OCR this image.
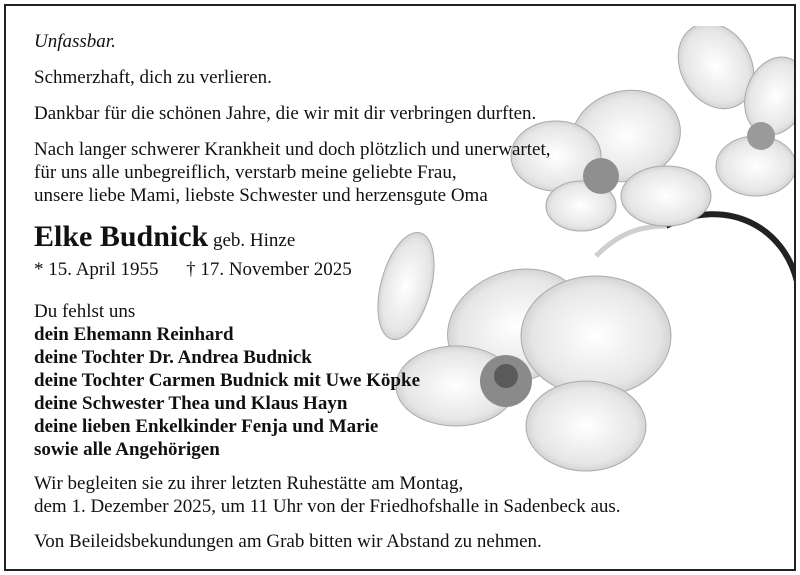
Unfassbar.
Schmerzhaft, dich zu verlieren.
Dankbar für die schönen Jahre, die wir mit dir verbringen durften.
Nach langer schwerer Krankheit und doch plötzlich und unerwartet,
für uns alle unbegreiflich, verstarb meine geliebte Frau,
unsere liebe Mami, liebste Schwester und herzensgute Oma
Elke Budnick geb. Hinze
* 15. April 1955 † 17. November 2025
Du fehlst uns
dein Ehemann Reinhard
deine Tochter Dr. Andrea Budnick
deine Tochter Carmen Budnick mit Uwe Köpke
deine Schwester Thea und Klaus Hayn
deine lieben Enkelkinder Fenja und Marie
sowie alle Angehörigen
Wir begleiten sie zu ihrer letzten Ruhestätte am Montag,
dem 1. Dezember 2025, um 11 Uhr von der Friedhofshalle in Sadenbeck aus.
Von Beileidsbekundungen am Grab bitten wir Abstand zu nehmen.
